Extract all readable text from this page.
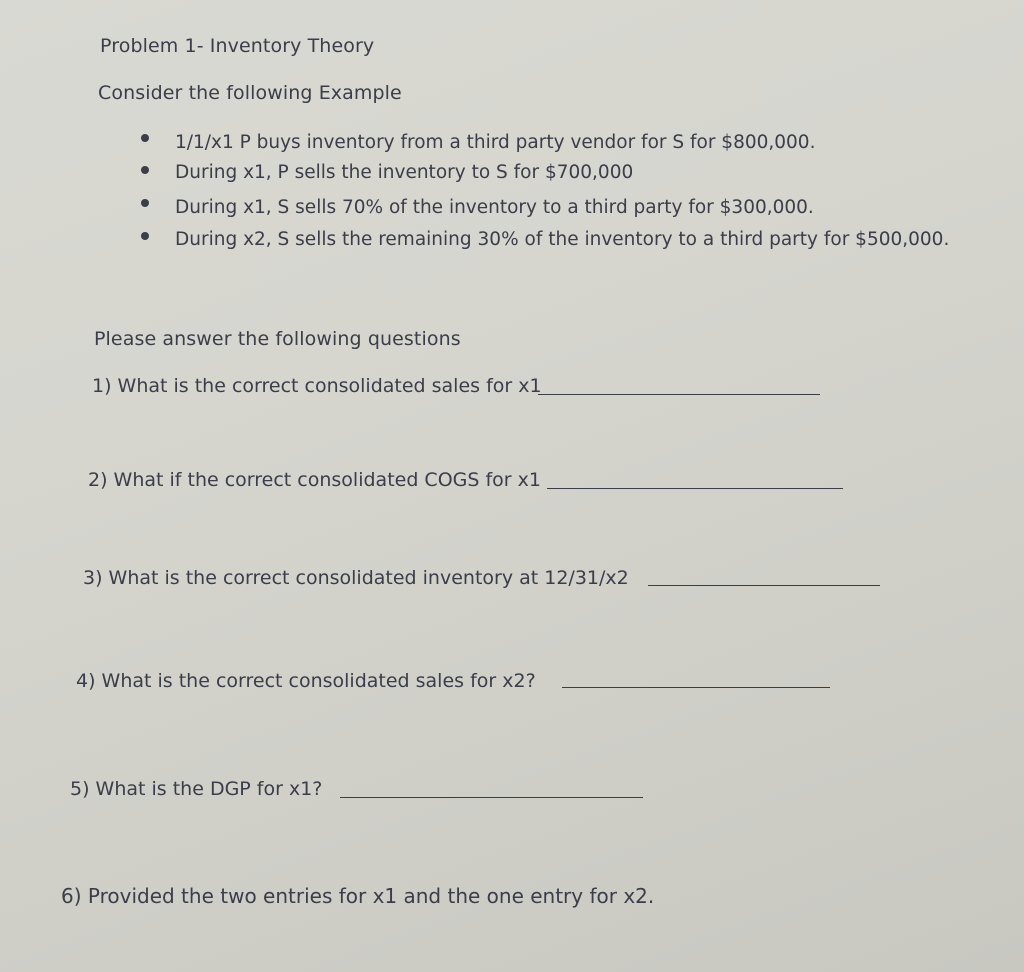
Problem 1- Inventory Theory
Consider the following Example
1/1/x1 P buys inventory from a third party vendor for S for $800,000.
During x1, P sells the inventory to S for $700,000
During x1, S sells 70% of the inventory to a third party for $300,000.
During x2, S sells the remaining 30% of the inventory to a third party for $500,000.
Please answer the following questions
1) What is the correct consolidated sales for x1
2) What if the correct consolidated COGS for x1
3) What is the correct consolidated inventory at 12/31/x2
4) What is the correct consolidated sales for x2?
5) What is the DGP for x1?
6) Provided the two entries for x1 and the one entry for x2.
